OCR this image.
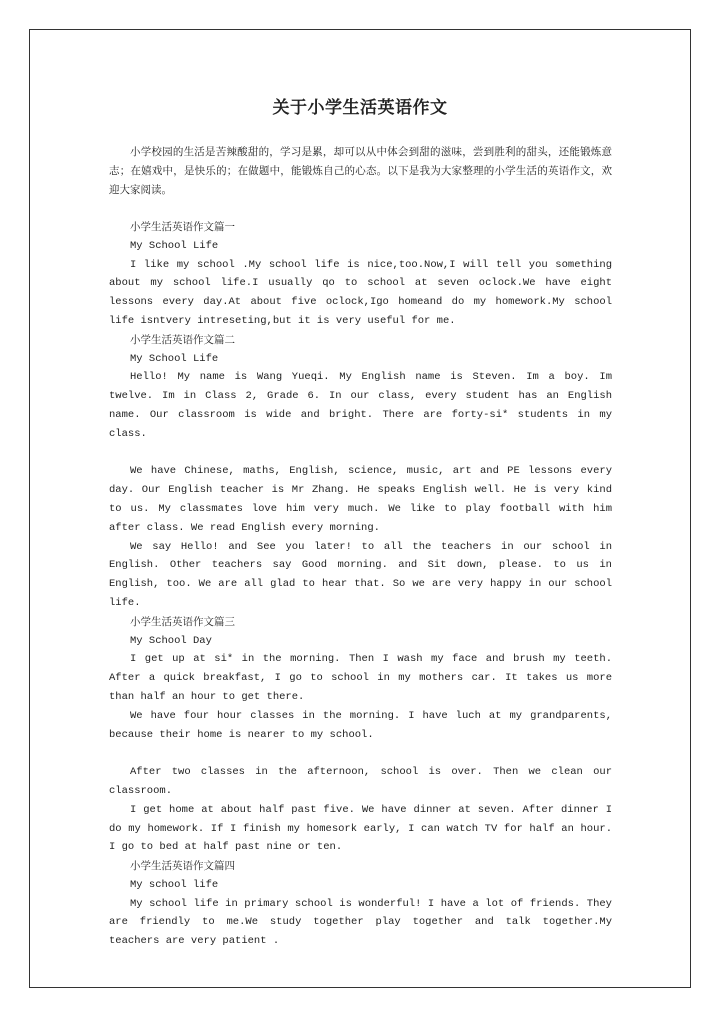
关于小学生活英语作文

小学校园的生活是苦辣酸甜的，学习是累，却可以从中体会到甜的滋味，尝到胜利的甜头，还能锻炼意志；在嬉戏中，是快乐的；在做题中，能锻炼自己的心态。以下是我为大家整理的小学生活的英语作文，欢迎大家阅读。

小学生活英语作文篇一

My School Life

I like my school .My school life is nice,too.Now,I will tell you something about my school life.I usually qo to school at seven oclock.We have eight lessons every day.At about five oclock,Igo homeand do my homework.My school life isntvery intreseting,but it is very useful for me.

小学生活英语作文篇二

My School Life

Hello! My name is Wang Yueqi. My English name is Steven. Im a boy. Im twelve. Im in Class 2, Grade 6. In our class, every student has an English name. Our classroom is wide and bright. There are forty-si* students in my class.

We have Chinese, maths, English, science, music, art and PE lessons every day. Our English teacher is Mr Zhang. He speaks English well. He is very kind to us. My classmates love him very much. We like to play football with him after class. We read English every morning.

We say Hello! and See you later! to all the teachers in our school in English. Other teachers say Good morning. and Sit down, please. to us in English, too. We are all glad to hear that. So we are very happy in our school life.

小学生活英语作文篇三

My School Day

I get up at si* in the morning. Then I wash my face and brush my teeth. After a quick breakfast, I go to school in my mothers car. It takes us more than half an hour to get there.

We have four hour classes in the morning. I have luch at my grandparents, because their home is nearer to my school.

After two classes in the afternoon, school is over. Then we clean our classroom.

I get home at about half past five. We have dinner at seven. After dinner I do my homework. If I finish my homesork early, I can watch TV for half an hour. I go to bed at half past nine or ten.

小学生活英语作文篇四

My school life

My school life in primary school is wonderful! I have a lot of friends. They are friendly to me.We study together play together and talk together.My teachers are very patient .
